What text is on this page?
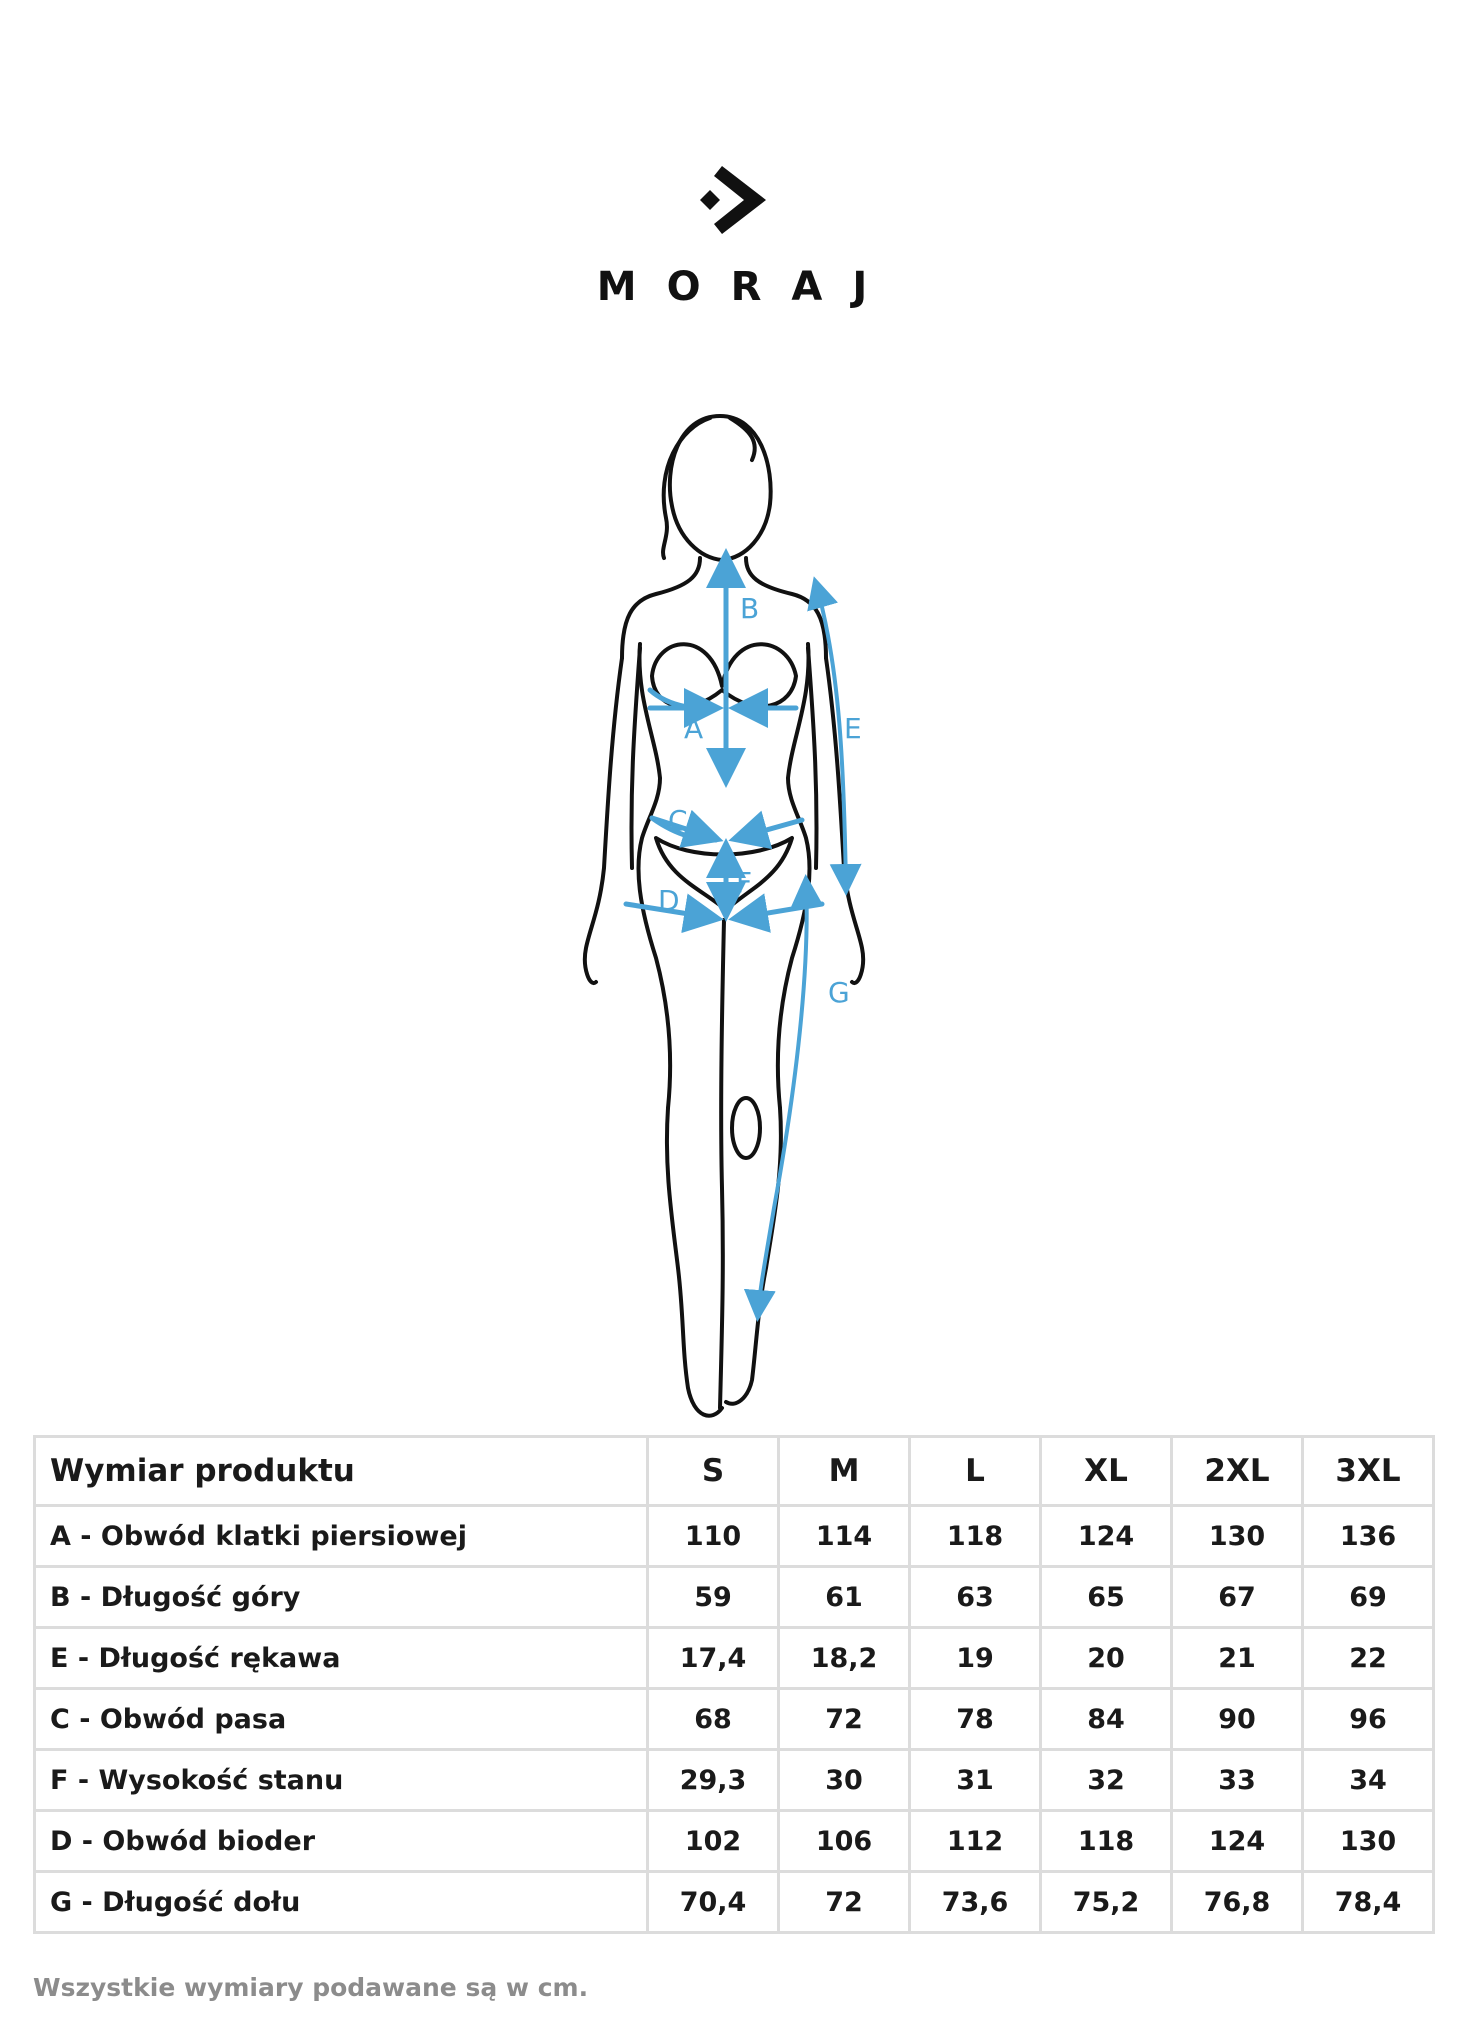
MORAJ
B
A	E
C
F
D
G
Wymiar produktu	S	M	L	XL	2XL	3XL
A - Obwód klatki piersiowej	110	114	118	124	130	136
B - Długość góry	59	61	63	65	67	69
E - Długość rękawa	17,4	18,2	19	20	21	22
C - Obwód pasa	68	72	78	84	90	96
F - Wysokość stanu	29,3	30	31	32	33	34
D - Obwód bioder	102	106	112	118	124	130
G - Długość dołu	70,4	72	73,6	75,2	76,8	78,4
Wszystkie wymiary podawane są w cm.
